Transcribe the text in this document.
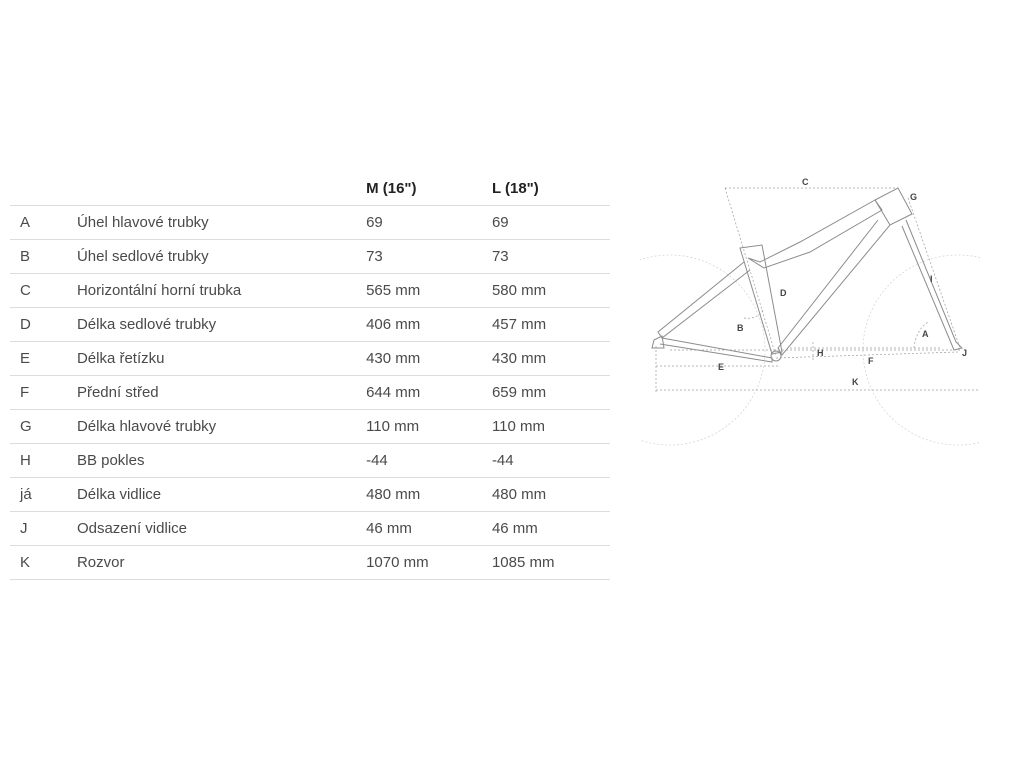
		M (16")	L (18")
A	Úhel hlavové trubky	69	69
B	Úhel sedlové trubky	73	73
C	Horizontální horní trubka	565 mm	580 mm
D	Délka sedlové trubky	406 mm	457 mm
E	Délka řetízku	430 mm	430 mm
F	Přední střed	644 mm	659 mm
G	Délka hlavové trubky	110 mm	110 mm
H	BB pokles	-44	-44
já	Délka vidlice	480 mm	480 mm
J	Odsazení vidlice	46 mm	46 mm
K	Rozvor	1070 mm	1085 mm
C
G
I
D
B
A
H	J
F
E
K
